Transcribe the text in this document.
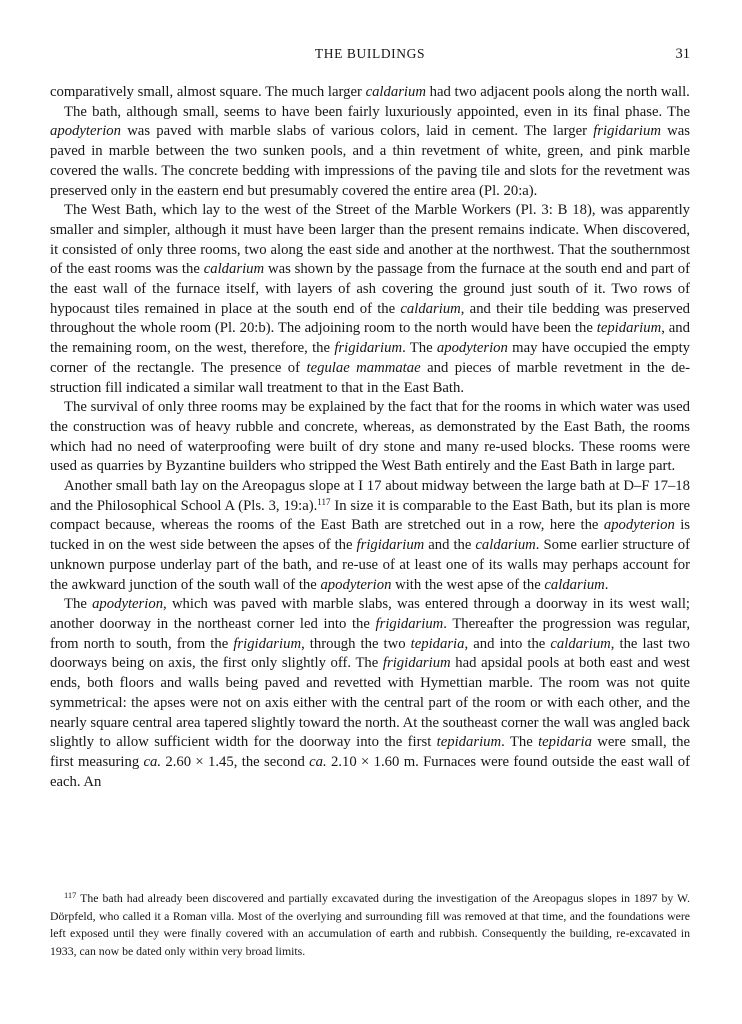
THE BUILDINGS	31

comparatively small, almost square. The much larger caldarium had two adjacent pools along the north wall.

The bath, although small, seems to have been fairly luxuriously appointed, even in its final phase. The apodyterion was paved with marble slabs of various colors, laid in cement. The larger frigidarium was paved in marble between the two sunken pools, and a thin revetment of white, green, and pink marble covered the walls. The concrete bedding with impressions of the paving tile and slots for the revetment was preserved only in the eastern end but presumably covered the entire area (Pl. 20:a).

The West Bath, which lay to the west of the Street of the Marble Workers (Pl. 3: B 18), was apparently smaller and simpler, although it must have been larger than the present remains indicate. When discovered, it consisted of only three rooms, two along the east side and another at the northwest. That the southernmost of the east rooms was the caldarium was shown by the passage from the furnace at the south end and part of the east wall of the furnace itself, with layers of ash covering the ground just south of it. Two rows of hypocaust tiles remained in place at the south end of the caldarium, and their tile bedding was preserved throughout the whole room (Pl. 20:b). The adjoining room to the north would have been the tepidarium, and the remaining room, on the west, therefore, the frigidarium. The apodyterion may have occupied the empty corner of the rectangle. The presence of tegulae mammatae and pieces of marble revetment in the destruction fill indicated a similar wall treatment to that in the East Bath.

The survival of only three rooms may be explained by the fact that for the rooms in which water was used the construction was of heavy rubble and concrete, whereas, as demonstrated by the East Bath, the rooms which had no need of waterproofing were built of dry stone and many re-used blocks. These rooms were used as quarries by Byzantine builders who stripped the West Bath entirely and the East Bath in large part.

Another small bath lay on the Areopagus slope at I 17 about midway between the large bath at D–F 17–18 and the Philosophical School A (Pls. 3, 19:a).$^{117}$ In size it is comparable to the East Bath, but its plan is more compact because, whereas the rooms of the East Bath are stretched out in a row, here the apodyterion is tucked in on the west side between the apses of the frigidarium and the caldarium. Some earlier structure of unknown purpose underlay part of the bath, and re-use of at least one of its walls may perhaps account for the awkward junction of the south wall of the apodyterion with the west apse of the caldarium.

The apodyterion, which was paved with marble slabs, was entered through a doorway in its west wall; another doorway in the northeast corner led into the frigidarium. Thereafter the progression was regular, from north to south, from the frigidarium, through the two tepidaria, and into the caldarium, the last two doorways being on axis, the first only slightly off. The frigidarium had apsidal pools at both east and west ends, both floors and walls being paved and revetted with Hymettian marble. The room was not quite symmetrical: the apses were not on axis either with the central part of the room or with each other, and the nearly square central area tapered slightly toward the north. At the southeast corner the wall was angled back slightly to allow sufficient width for the doorway into the first tepidarium. The tepidaria were small, the first measuring ca. 2.60 × 1.45, the second ca. 2.10 × 1.60 m. Furnaces were found outside the east wall of each. An

$^{117}$ The bath had already been discovered and partially excavated during the investigation of the Areopagus slopes in 1897 by W. Dörpfeld, who called it a Roman villa. Most of the overlying and surrounding fill was removed at that time, and the foundations were left exposed until they were finally covered with an accumulation of earth and rubbish. Consequently the building, re-excavated in 1933, can now be dated only within very broad limits.
